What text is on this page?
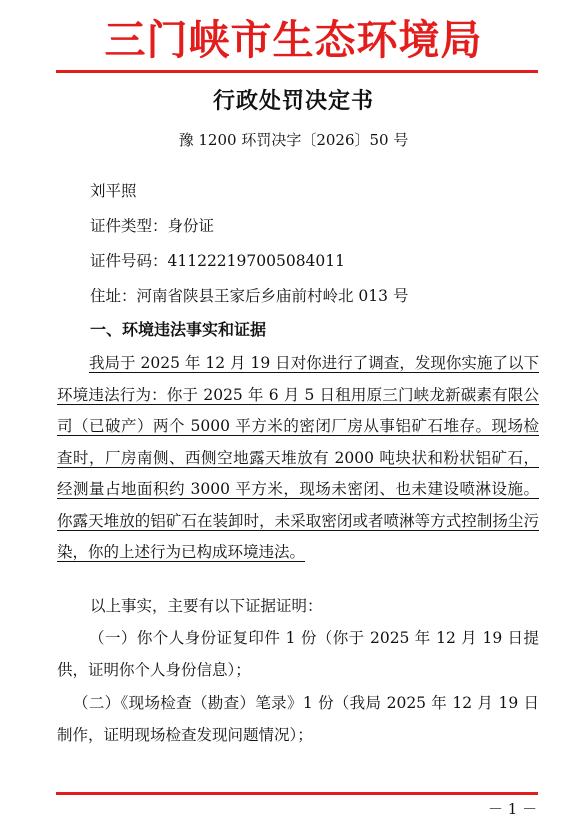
三门峡市生态环境局
行政处罚决定书
豫 1200 环罚决字〔2026〕50 号
刘平照
证件类型：身份证
证件号码：411222197005084011
住址：河南省陕县王家后乡庙前村岭北 013 号
一、环境违法事实和证据
我局于 2025 年 12 月 19 日对你进行了调查，发现你实施了以下环境违法行为：你于 2025 年 6 月 5 日租用原三门峡龙新碳素有限公司（已破产）两个 5000 平方米的密闭厂房从事铝矿石堆存。现场检查时，厂房南侧、西侧空地露天堆放有 2000 吨块状和粉状铝矿石，经测量占地面积约 3000 平方米，现场未密闭、也未建设喷淋设施。你露天堆放的铝矿石在装卸时，未采取密闭或者喷淋等方式控制扬尘污染，你的上述行为已构成环境违法。
以上事实，主要有以下证据证明：
（一）你个人身份证复印件 1 份（你于 2025 年 12 月 19 日提供，证明你个人身份信息）；
（二）《现场检查（勘查）笔录》1 份（我局 2025 年 12 月 19 日制作，证明现场检查发现问题情况）；
－ 1 －
